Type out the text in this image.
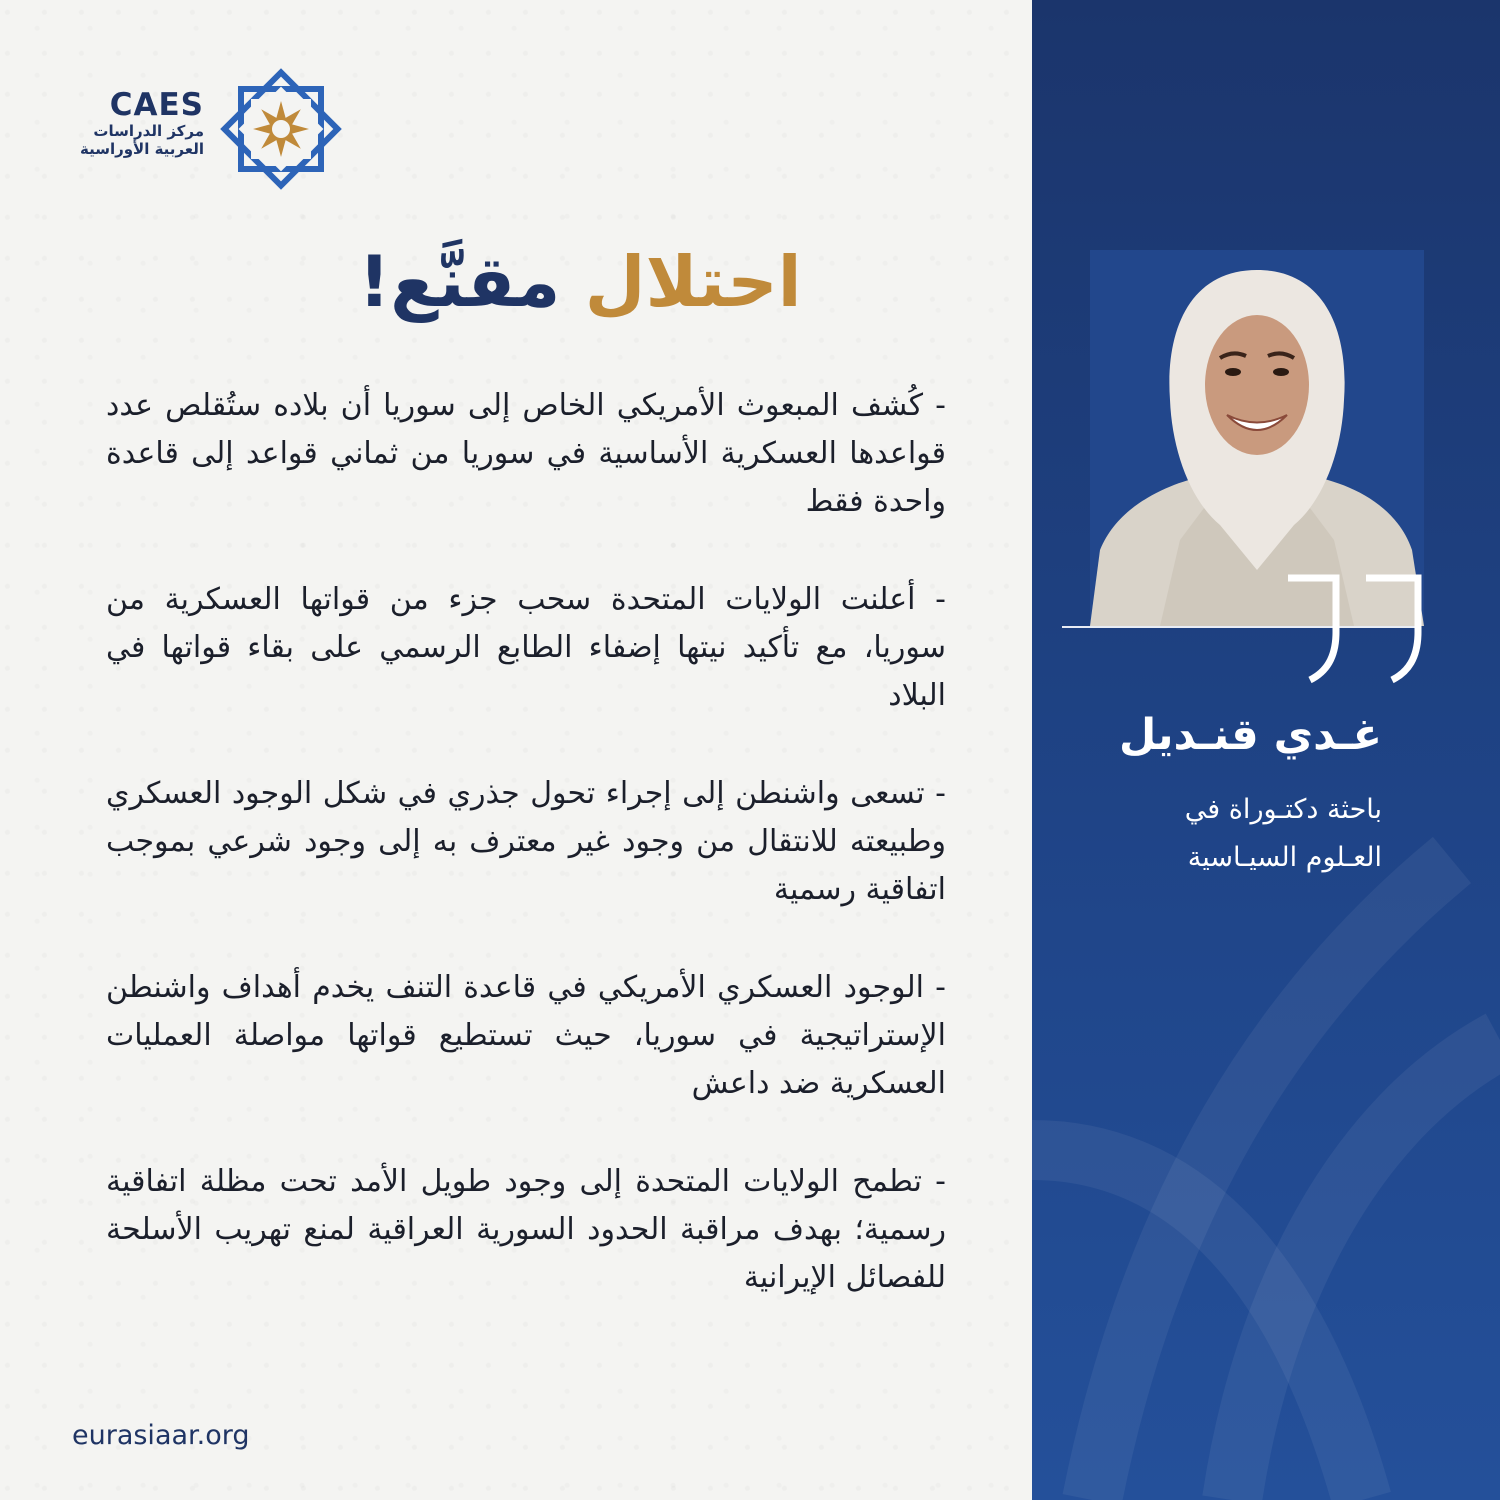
CAES
مركز الدراسات
العربية الأوراسية
احتلال مقنَّع!

- كُشف المبعوث الأمريكي الخاص إلى سوريا أن بلاده ستُقلص عدد قواعدها العسكرية الأساسية في سوريا من ثماني قواعد إلى قاعدة واحدة فقط

- أعلنت الولايات المتحدة سحب جزء من قواتها العسكرية من سوريا، مع تأكيد نيتها إضفاء الطابع الرسمي على بقاء قواتها في البلاد

- تسعى واشنطن إلى إجراء تحول جذري في شكل الوجود العسكري وطبيعته للانتقال من وجود غير معترف به إلى وجود شرعي بموجب اتفاقية رسمية

- الوجود العسكري الأمريكي في قاعدة التنف يخدم أهداف واشنطن الإستراتيجية في سوريا، حيث تستطيع قواتها مواصلة العمليات العسكرية ضد داعش

- تطمح الولايات المتحدة إلى وجود طويل الأمد تحت مظلة اتفاقية رسمية؛ بهدف مراقبة الحدود السورية العراقية لمنع تهريب الأسلحة للفصائل الإيرانية

eurasiaar.org
غـدي قنـديل
باحثة دكتـوراة في
العـلوم السيـاسية
